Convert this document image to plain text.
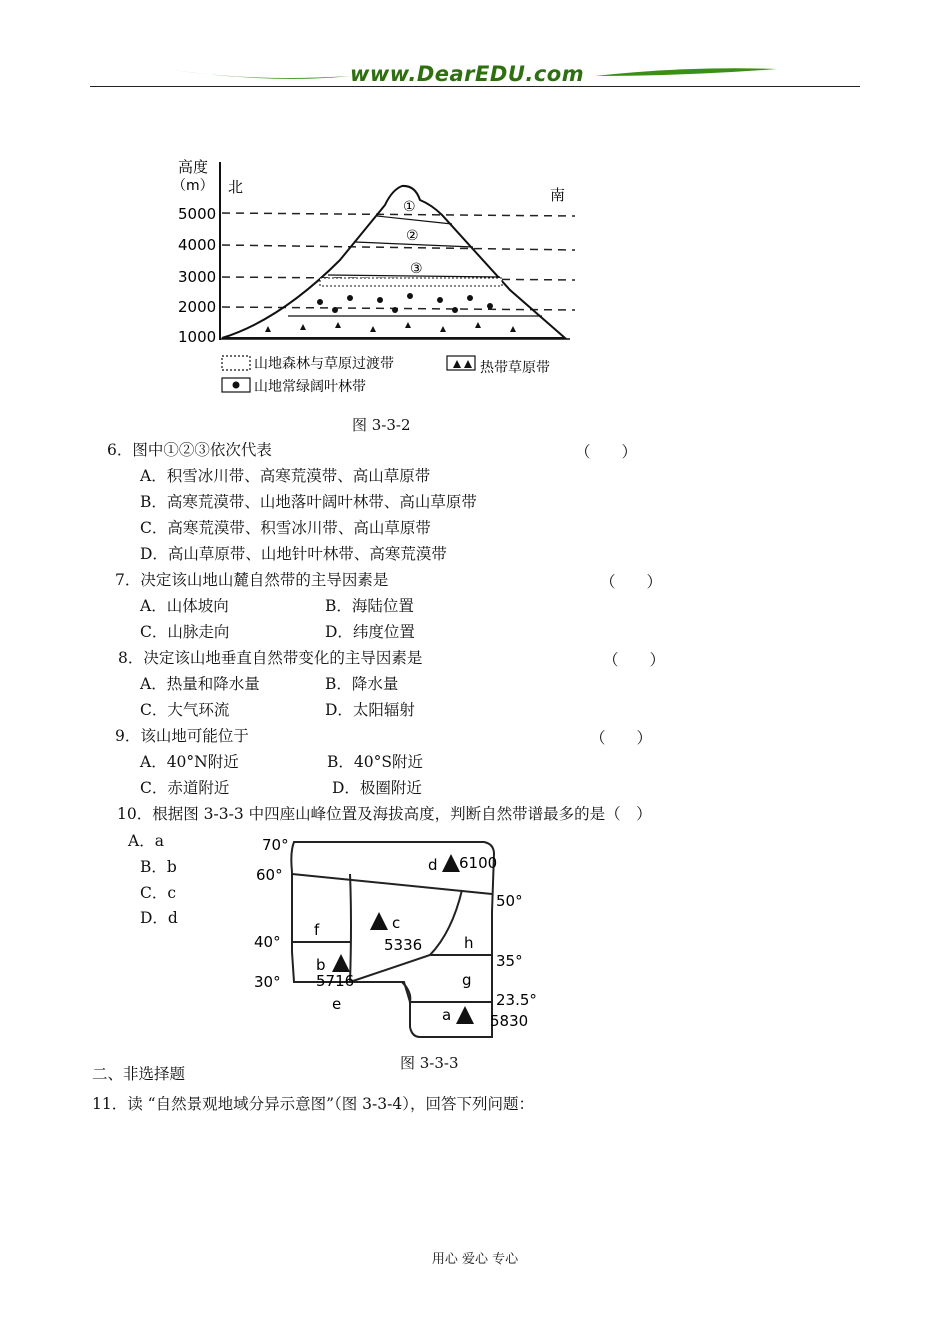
www.DearEDU.com
高度
（m） 北	南
5000
4000
3000
2000
1000
①
②
③
山地森林与草原过渡带	热带草原带
山地常绿阔叶林带
图 3-3-2
6．图中①②③依次代表	（　　）
A．积雪冰川带、高寒荒漠带、高山草原带
B．高寒荒漠带、山地落叶阔叶林带、高山草原带
C．高寒荒漠带、积雪冰川带、高山草原带
D．高山草原带、山地针叶林带、高寒荒漠带
7．决定该山地山麓自然带的主导因素是	（　　）
A．山体坡向	B．海陆位置
C．山脉走向	D．纬度位置
8．决定该山地垂直自然带变化的主导因素是	（　　）
A．热量和降水量	B．降水量
C．大气环流	D．太阳辐射
9．该山地可能位于	（　　）
A．40°N附近	B．40°S附近
C．赤道附近	D．极圈附近
10．根据图 3-3-3 中四座山峰位置及海拔高度，判断自然带谱最多的是（　）
A．a
B．b
C．c
D．d
70°
60°
40°
30°
50°
35°
23.5°
f
h
g
e
d 6100
c
5336
b
5716
a	5830
图 3-3-3
二、非选择题
11．读 “自然景观地域分异示意图”（图 3-3-4），回答下列问题：
用心 爱心 专心
